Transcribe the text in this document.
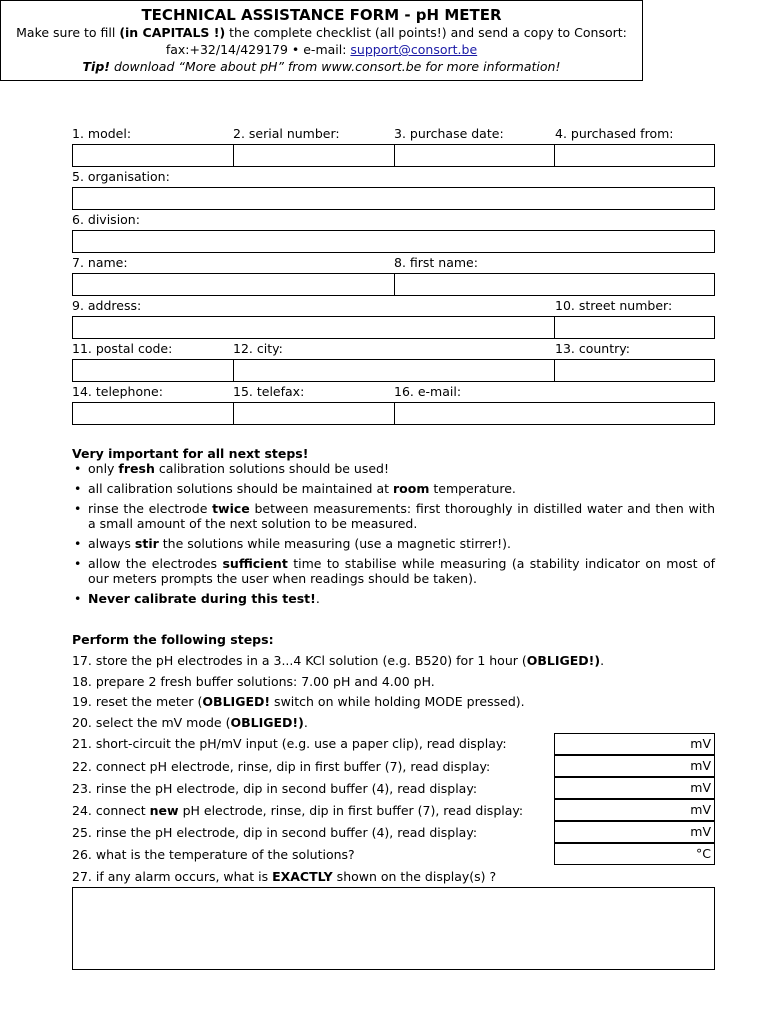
TECHNICAL ASSISTANCE FORM - pH METER
Make sure to fill (in CAPITALS !) the complete checklist (all points!) and send a copy to Consort:
fax:+32/14/429179 • e-mail: support@consort.be
Tip! download “More about pH” from www.consort.be for more information!
1. model:	2. serial number:	3. purchase date:	4. purchased from:
5. organisation:
6. division:
7. name:	8. first name:
9. address:	10. street number:
11. postal code:	12. city:	13. country:
14. telephone:	15. telefax:	16. e-mail:
Very important for all next steps!
• only fresh calibration solutions should be used!
• all calibration solutions should be maintained at room temperature.
• rinse the electrode twice between measurements: first thoroughly in distilled water and then with a small amount of the next solution to be measured.
• always stir the solutions while measuring (use a magnetic stirrer!).
• allow the electrodes sufficient time to stabilise while measuring (a stability indicator on most of our meters prompts the user when readings should be taken).
• Never calibrate during this test!.
Perform the following steps:
17. store the pH electrodes in a 3...4 KCl solution (e.g. B520) for 1 hour (OBLIGED!).
18. prepare 2 fresh buffer solutions: 7.00 pH and 4.00 pH.
19. reset the meter (OBLIGED! switch on while holding MODE pressed).
20. select the mV mode (OBLIGED!).
21. short-circuit the pH/mV input (e.g. use a paper clip), read display:	mV
22. connect pH electrode, rinse, dip in first buffer (7), read display:	mV
23. rinse the pH electrode, dip in second buffer (4), read display:	mV
24. connect new pH electrode, rinse, dip in first buffer (7), read display:	mV
25. rinse the pH electrode, dip in second buffer (4), read display:	mV
26. what is the temperature of the solutions?	°C
27. if any alarm occurs, what is EXACTLY shown on the display(s) ?
